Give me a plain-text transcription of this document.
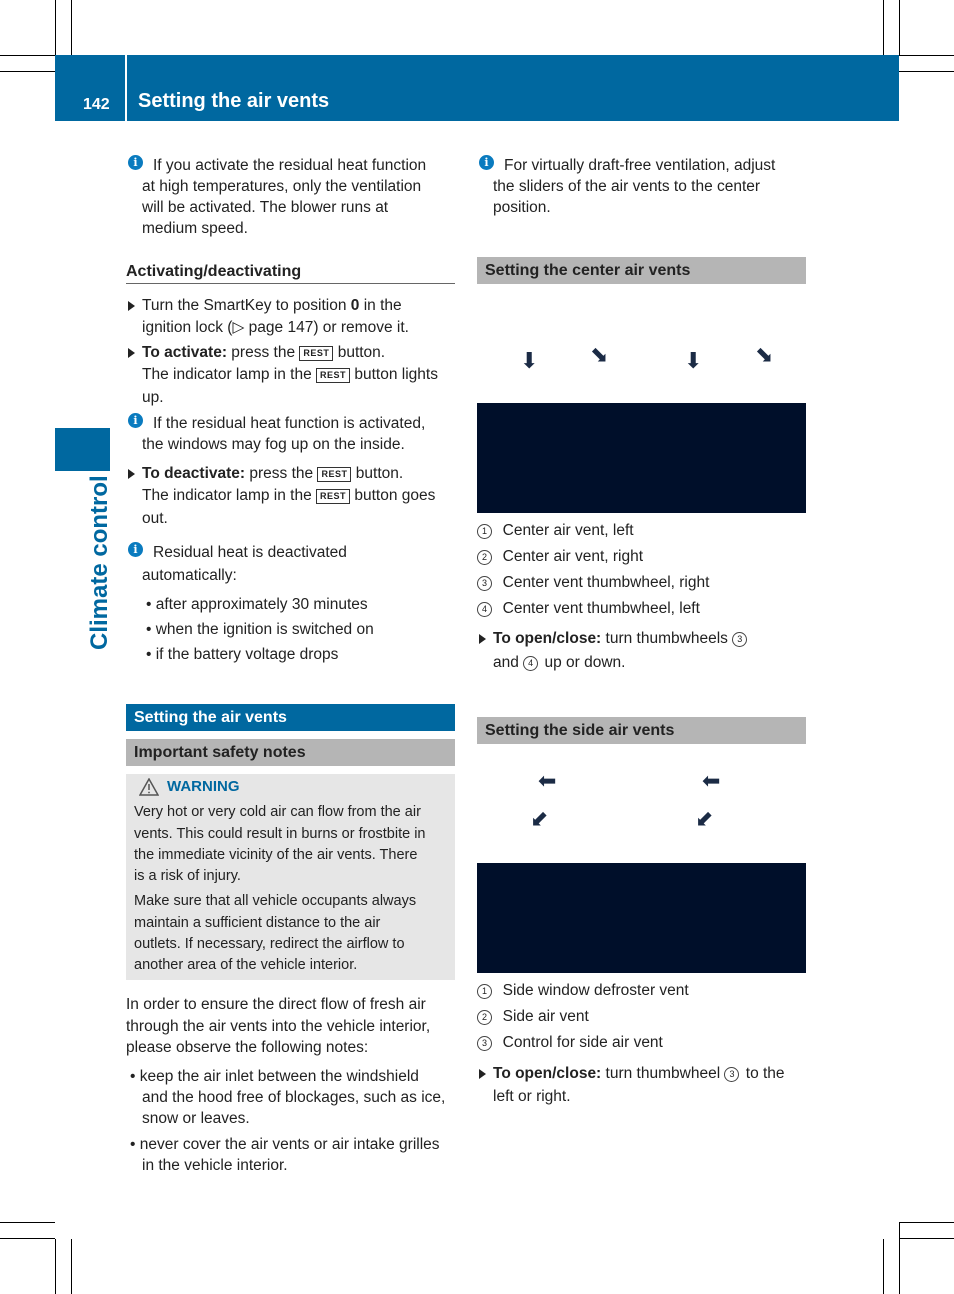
142 Setting the air vents
Climate control
i If you activate the residual heat function
at high temperatures, only the ventilation
will be activated. The blower runs at
medium speed.
Activating/deactivating
Turn the SmartKey to position 0 in the
ignition lock (▷ page 147) or remove it.
To activate: press the REST button.
The indicator lamp in the REST button lights
up.
i If the residual heat function is activated,
the windows may fog up on the inside.
To deactivate: press the REST button.
The indicator lamp in the REST button goes
out.
i Residual heat is deactivated
automatically:
• after approximately 30 minutes
• when the ignition is switched on
• if the battery voltage drops
Setting the air vents
Important safety notes
WARNING
Very hot or very cold air can flow from the air
vents. This could result in burns or frostbite in
the immediate vicinity of the air vents. There
is a risk of injury.
Make sure that all vehicle occupants always
maintain a sufficient distance to the air
outlets. If necessary, redirect the airflow to
another area of the vehicle interior.
In order to ensure the direct flow of fresh air
through the air vents into the vehicle interior,
please observe the following notes:
• keep the air inlet between the windshield
and the hood free of blockages, such as ice,
snow or leaves.
• never cover the air vents or air intake grilles
in the vehicle interior.
i For virtually draft-free ventilation, adjust
the sliders of the air vents to the center
position.
Setting the center air vents
⬇ ⬊	⬇ ⬊
1 Center air vent, left
2 Center air vent, right
3 Center vent thumbwheel, right
4 Center vent thumbwheel, left
To open/close: turn thumbwheels 3
and 4 up or down.
Setting the side air vents
⬅
⬋
⬅
⬋
1 Side window defroster vent
2 Side air vent
3 Control for side air vent
To open/close: turn thumbwheel 3 to the
left or right.
